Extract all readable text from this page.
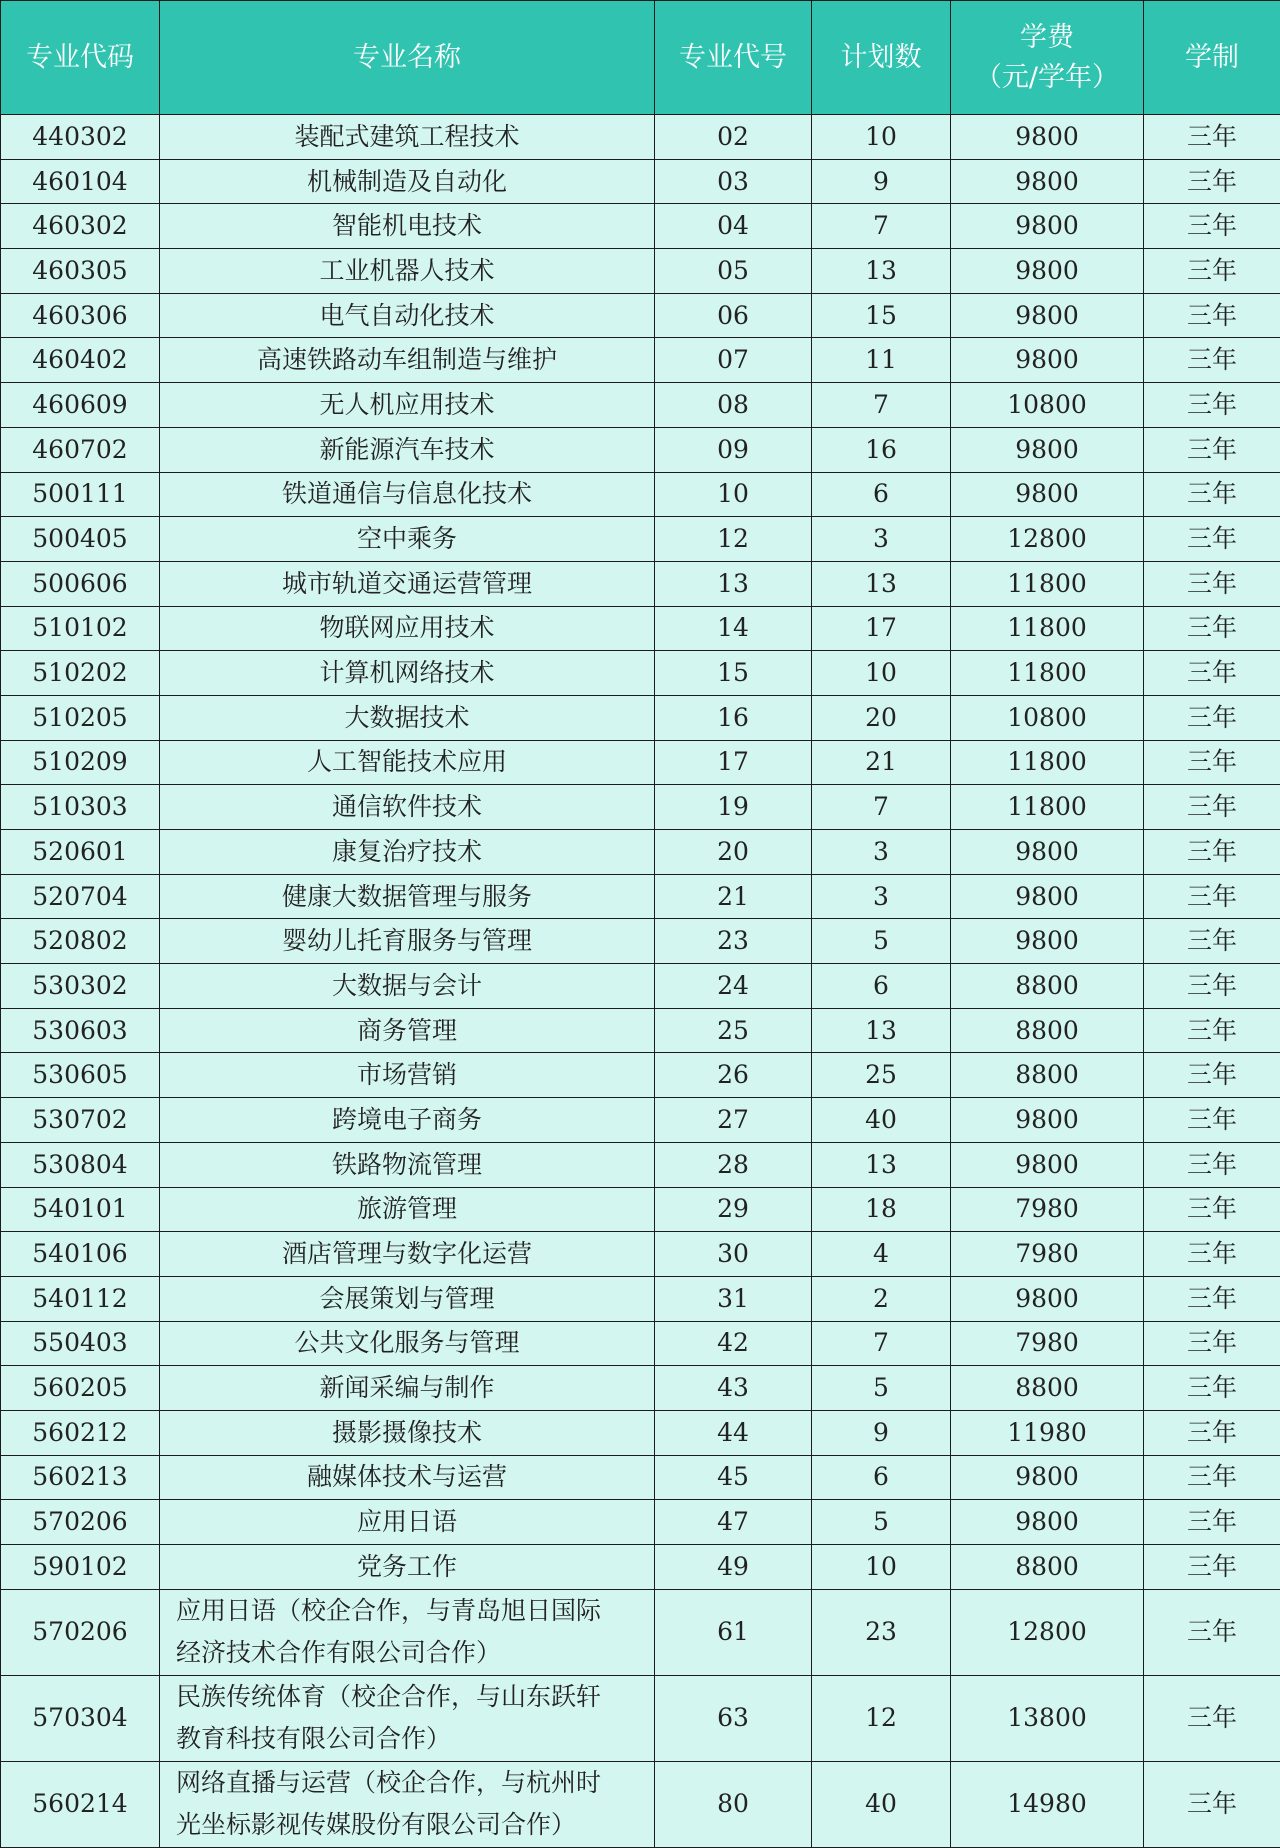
专业代码	专业名称	专业代号	计划数	学费
（元/学年）	学制
440302	装配式建筑工程技术	02	10	9800	三年
460104	机械制造及自动化	03	9	9800	三年
460302	智能机电技术	04	7	9800	三年
460305	工业机器人技术	05	13	9800	三年
460306	电气自动化技术	06	15	9800	三年
460402	高速铁路动车组制造与维护	07	11	9800	三年
460609	无人机应用技术	08	7	10800	三年
460702	新能源汽车技术	09	16	9800	三年
500111	铁道通信与信息化技术	10	6	9800	三年
500405	空中乘务	12	3	12800	三年
500606	城市轨道交通运营管理	13	13	11800	三年
510102	物联网应用技术	14	17	11800	三年
510202	计算机网络技术	15	10	11800	三年
510205	大数据技术	16	20	10800	三年
510209	人工智能技术应用	17	21	11800	三年
510303	通信软件技术	19	7	11800	三年
520601	康复治疗技术	20	3	9800	三年
520704	健康大数据管理与服务	21	3	9800	三年
520802	婴幼儿托育服务与管理	23	5	9800	三年
530302	大数据与会计	24	6	8800	三年
530603	商务管理	25	13	8800	三年
530605	市场营销	26	25	8800	三年
530702	跨境电子商务	27	40	9800	三年
530804	铁路物流管理	28	13	9800	三年
540101	旅游管理	29	18	7980	三年
540106	酒店管理与数字化运营	30	4	7980	三年
540112	会展策划与管理	31	2	9800	三年
550403	公共文化服务与管理	42	7	7980	三年
560205	新闻采编与制作	43	5	8800	三年
560212	摄影摄像技术	44	9	11980	三年
560213	融媒体技术与运营	45	6	9800	三年
570206	应用日语	47	5	9800	三年
590102	党务工作	49	10	8800	三年
570206	应用日语（校企合作，与青岛旭日国际
经济技术合作有限公司合作）	61	23	12800	三年
570304	民族传统体育（校企合作，与山东跃轩
教育科技有限公司合作）	63	12	13800	三年
560214	网络直播与运营（校企合作，与杭州时
光坐标影视传媒股份有限公司合作）	80	40	14980	三年
